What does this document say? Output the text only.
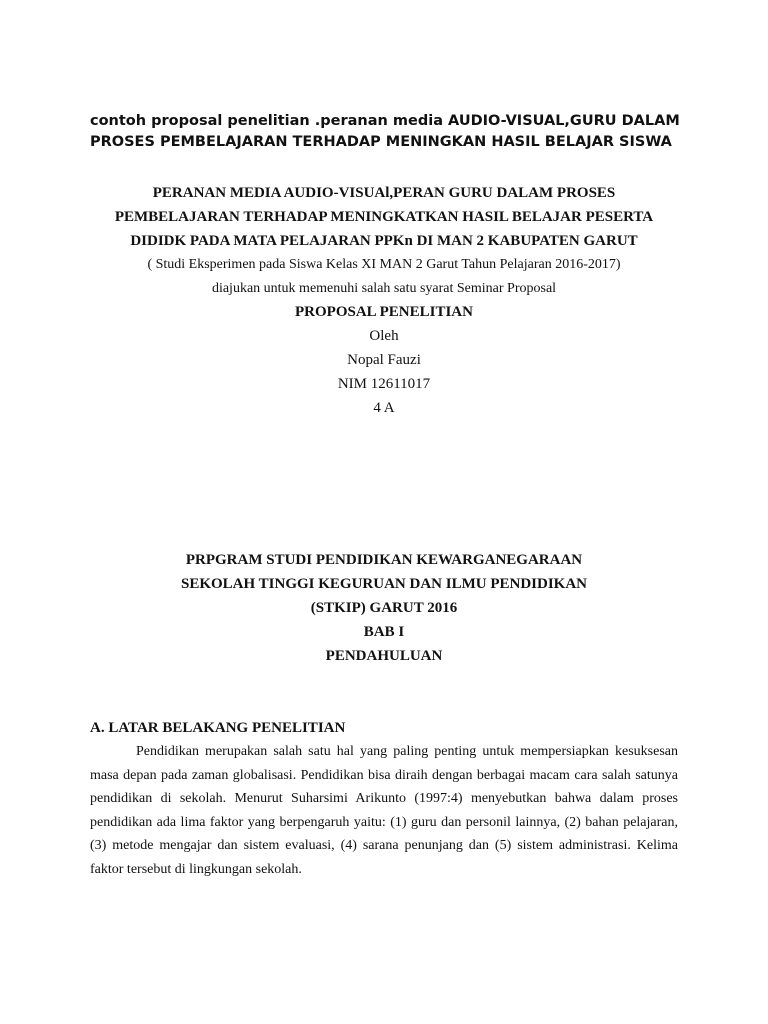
contoh proposal penelitian .peranan media AUDIO-VISUAL,GURU DALAM PROSES PEMBELAJARAN TERHADAP MENINGKAN HASIL BELAJAR SISWA
PERANAN MEDIA AUDIO-VISUAl,PERAN GURU DALAM PROSES
PEMBELAJARAN TERHADAP MENINGKATKAN HASIL BELAJAR PESERTA
DIDIDK PADA MATA PELAJARAN PPKn DI MAN 2 KABUPATEN GARUT
( Studi Eksperimen pada Siswa Kelas XI MAN 2 Garut Tahun Pelajaran 2016-2017)
diajukan untuk memenuhi salah satu syarat Seminar Proposal
PROPOSAL PENELITIAN
Oleh
Nopal Fauzi
NIM 12611017
4 A
PRPGRAM STUDI PENDIDIKAN KEWARGANEGARAAN
SEKOLAH TINGGI KEGURUAN DAN ILMU PENDIDIKAN
(STKIP) GARUT 2016
BAB I
PENDAHULUAN
A. LATAR BELAKANG PENELITIAN

Pendidikan merupakan salah satu hal yang paling penting untuk mempersiapkan kesuksesan masa depan pada zaman globalisasi. Pendidikan bisa diraih dengan berbagai macam cara salah satunya pendidikan di sekolah. Menurut Suharsimi Arikunto (1997:4) menyebutkan bahwa dalam proses pendidikan ada lima faktor yang berpengaruh yaitu: (1) guru dan personil lainnya, (2) bahan pelajaran, (3) metode mengajar dan sistem evaluasi, (4) sarana penunjang dan (5) sistem administrasi. Kelima faktor tersebut di lingkungan sekolah.
